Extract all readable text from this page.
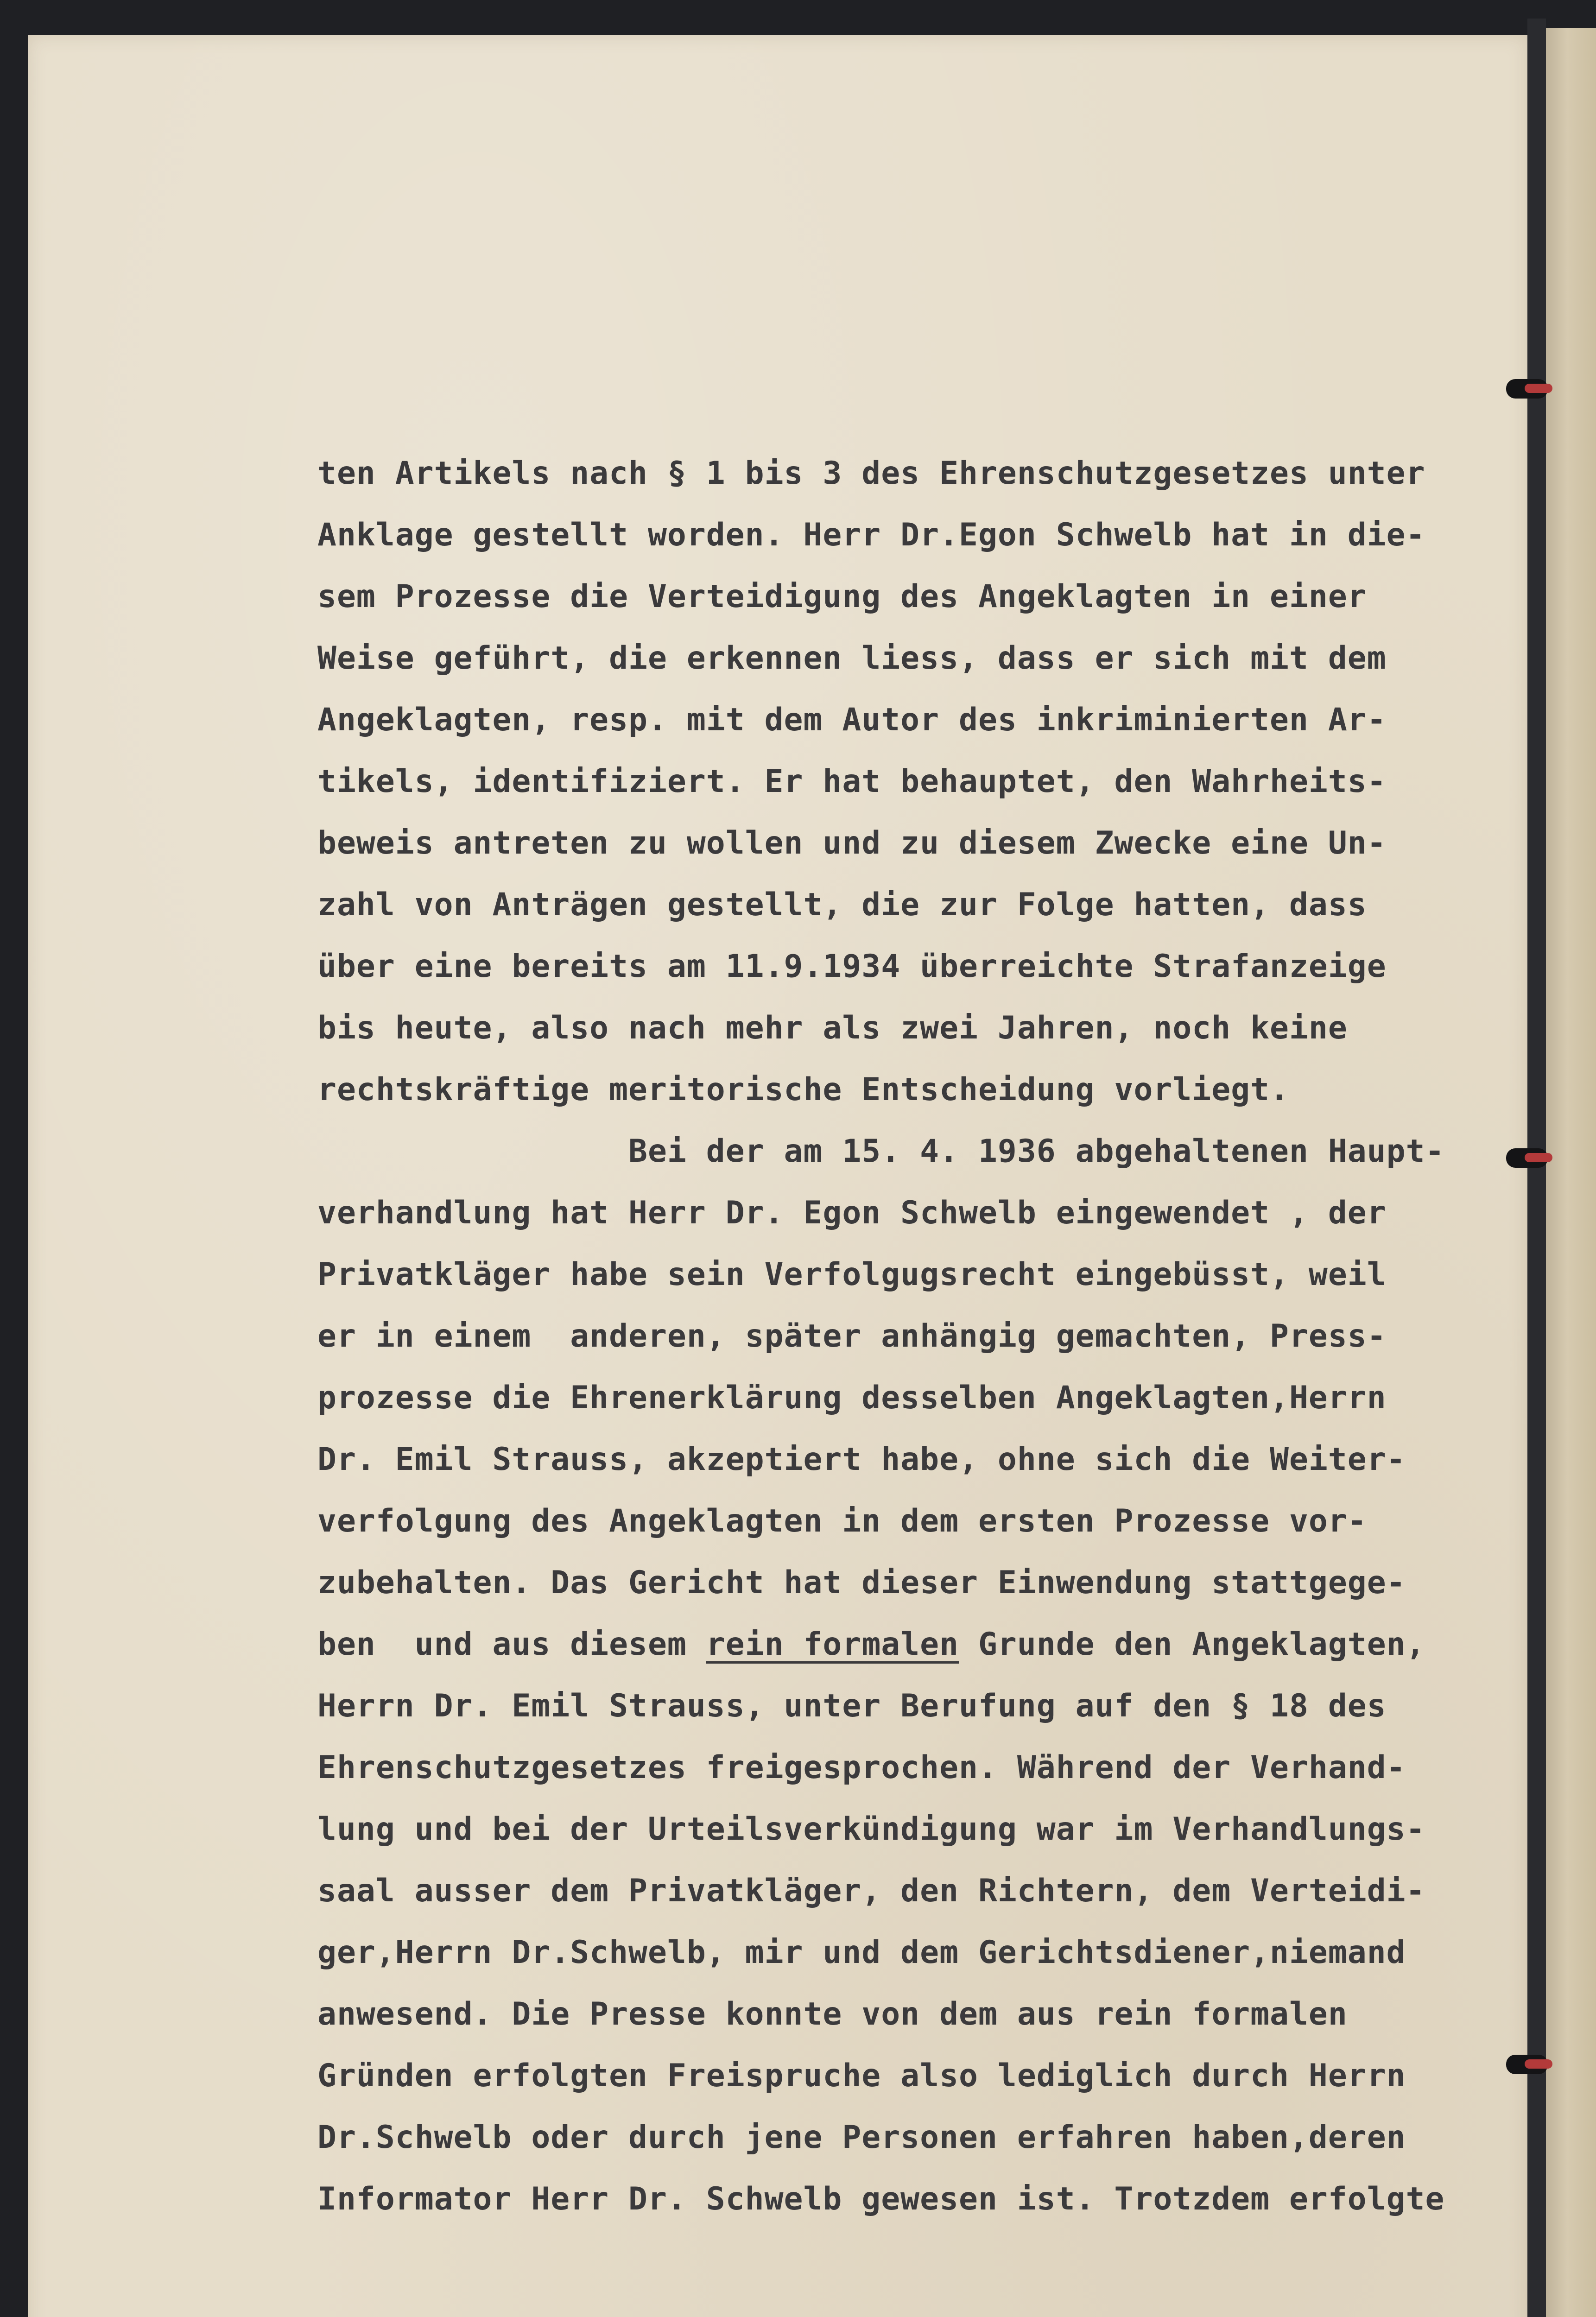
ten Artikels nach § 1 bis 3 des Ehrenschutzgesetzes unter
Anklage gestellt worden. Herr Dr.Egon Schwelb hat in die-
sem Prozesse die Verteidigung des Angeklagten in einer
Weise geführt, die erkennen liess, dass er sich mit dem
Angeklagten, resp. mit dem Autor des inkriminierten Ar-
tikels, identifiziert. Er hat behauptet, den Wahrheits-
beweis antreten zu wollen und zu diesem Zwecke eine Un-
zahl von Anträgen gestellt, die zur Folge hatten, dass
über eine bereits am 11.9.1934 überreichte Strafanzeige
bis heute, also nach mehr als zwei Jahren, noch keine
rechtskräftige meritorische Entscheidung vorliegt.
Bei der am 15. 4. 1936 abgehaltenen Haupt-
verhandlung hat Herr Dr. Egon Schwelb eingewendet , der
Privatkläger habe sein Verfolgugsrecht eingebüsst, weil
er in einem  anderen, später anhängig gemachten, Press-
prozesse die Ehrenerklärung desselben Angeklagten,Herrn
Dr. Emil Strauss, akzeptiert habe, ohne sich die Weiter-
verfolgung des Angeklagten in dem ersten Prozesse vor-
zubehalten. Das Gericht hat dieser Einwendung stattgege-
ben  und aus diesem rein formalen Grunde den Angeklagten,
Herrn Dr. Emil Strauss, unter Berufung auf den § 18 des
Ehrenschutzgesetzes freigesprochen. Während der Verhand-
lung und bei der Urteilsverkündigung war im Verhandlungs-
saal ausser dem Privatkläger, den Richtern, dem Verteidi-
ger,Herrn Dr.Schwelb, mir und dem Gerichtsdiener,niemand
anwesend. Die Presse konnte von dem aus rein formalen
Gründen erfolgten Freispruche also lediglich durch Herrn
Dr.Schwelb oder durch jene Personen erfahren haben,deren
Informator Herr Dr. Schwelb gewesen ist. Trotzdem erfolgte
